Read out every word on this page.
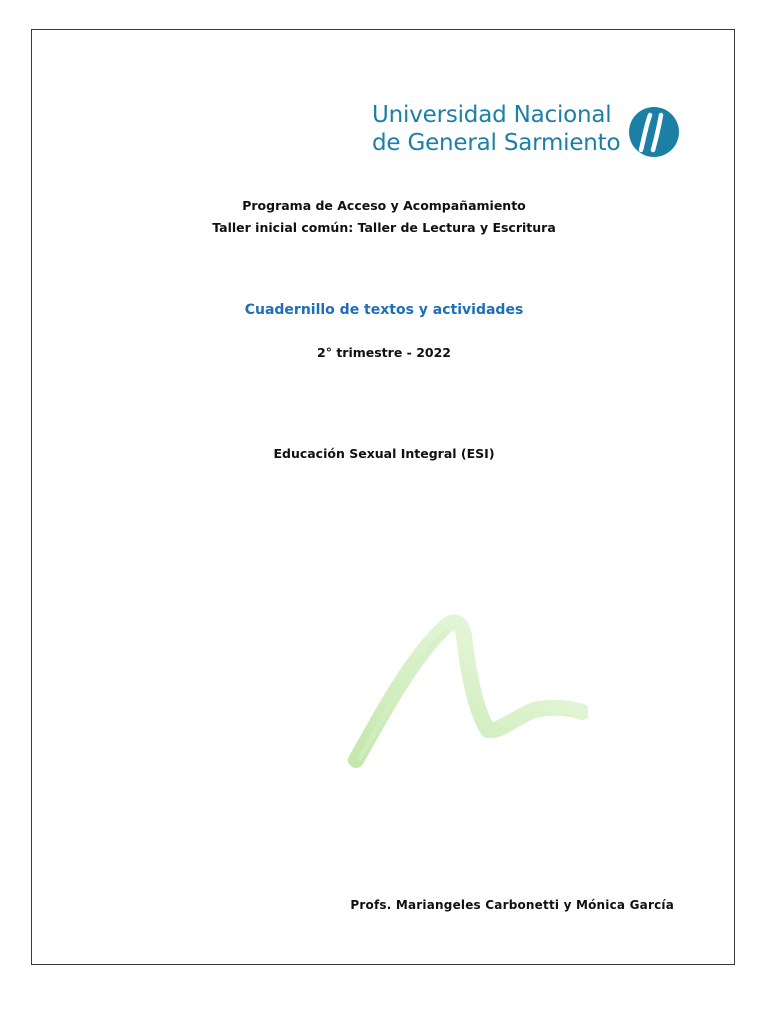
Universidad Nacional
de General Sarmiento
Programa de Acceso y Acompañamiento
Taller inicial común: Taller de Lectura y Escritura
Cuadernillo de textos y actividades
2° trimestre - 2022
Educación Sexual Integral (ESI)
Profs. Mariangeles Carbonetti y Mónica García
